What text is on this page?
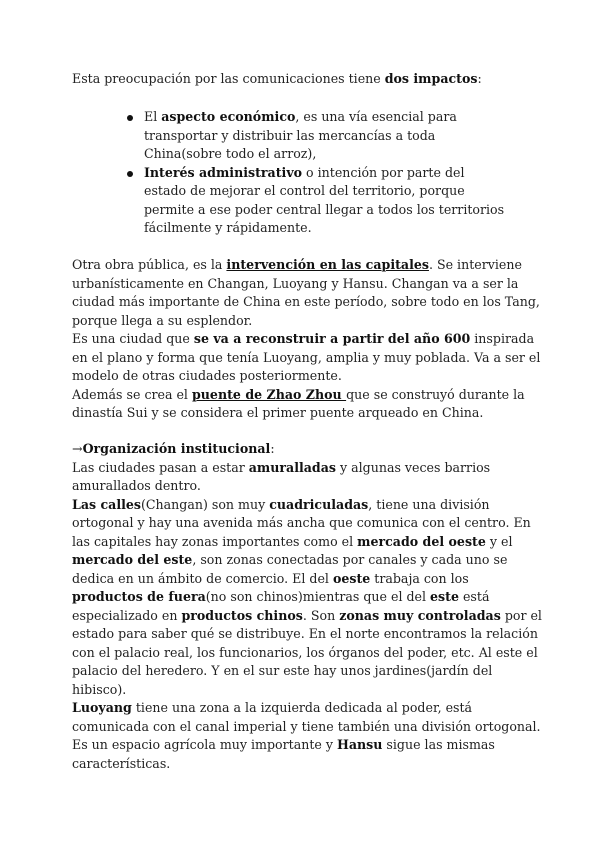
Esta preocupación por las comunicaciones tiene dos impactos:

El aspecto económico, es una vía esencial para transportar y distribuir las mercancías a toda China(sobre todo el arroz),
Interés administrativo o intención por parte del estado de mejorar el control del territorio, porque permite a ese poder central llegar a todos los territorios fácilmente y rápidamente.

Otra obra pública, es la intervención en las capitales. Se interviene urbanísticamente en Changan, Luoyang y Hansu. Changan va a ser la ciudad más importante de China en este período, sobre todo en los Tang, porque llega a su esplendor.

Es una ciudad que se va a reconstruir a partir del año 600 inspirada en el plano y forma que tenía Luoyang, amplia y muy poblada. Va a ser el modelo de otras ciudades posteriormente.

Además se crea el puente de Zhao Zhou que se construyó durante la dinastía Sui y se considera el primer puente arqueado en China.

→Organización institucional:

Las ciudades pasan a estar amuralladas y algunas veces barrios amurallados dentro.

Las calles(Changan) son muy cuadriculadas, tiene una división ortogonal y hay una avenida más ancha que comunica con el centro. En las capitales hay zonas importantes como el mercado del oeste y el mercado del este, son zonas conectadas por canales y cada uno se dedica en un ámbito de comercio. El del oeste trabaja con los productos de fuera(no son chinos)mientras que el del este está especializado en productos chinos. Son zonas muy controladas por el estado para saber qué se distribuye. En el norte encontramos la relación con el palacio real, los funcionarios, los órganos del poder, etc. Al este el palacio del heredero. Y en el sur este hay unos jardines(jardín del hibisco).

Luoyang tiene una zona a la izquierda dedicada al poder, está comunicada con el canal imperial y tiene también una división ortogonal. Es un espacio agrícola muy importante y Hansu sigue las mismas características.
